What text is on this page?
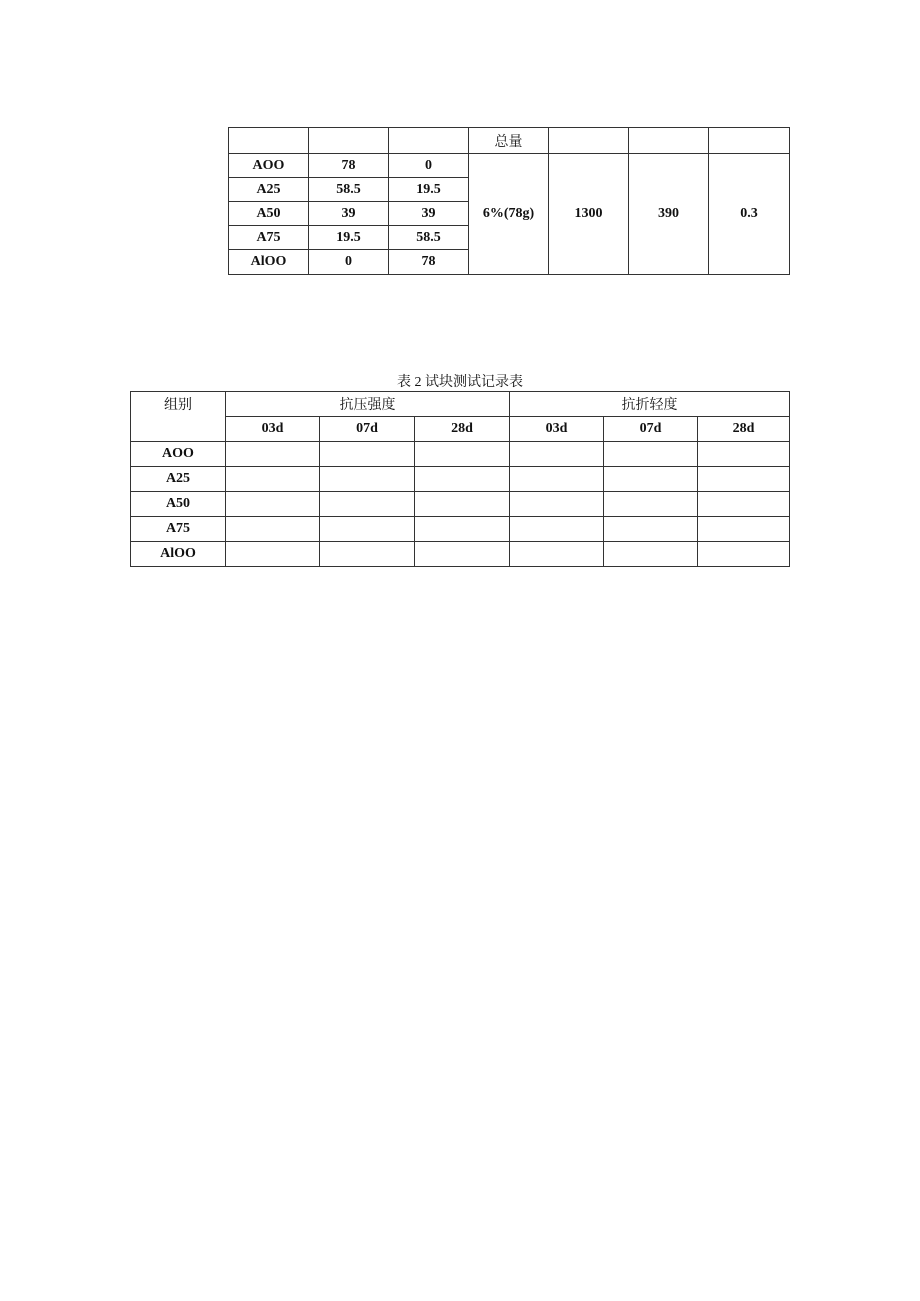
			总量			
AOO	78	0	6%(78g)	1300	390	0.3
A25	58.5	19.5				
A50	39	39				
A75	19.5	58.5				
AlOO	0	78				
表 2 试块测试记录表
组别	抗压强度			抗折轻度		
	03d	07d	28d	03d	07d	28d
AOO						
A25						
A50						
A75						
AlOO						
